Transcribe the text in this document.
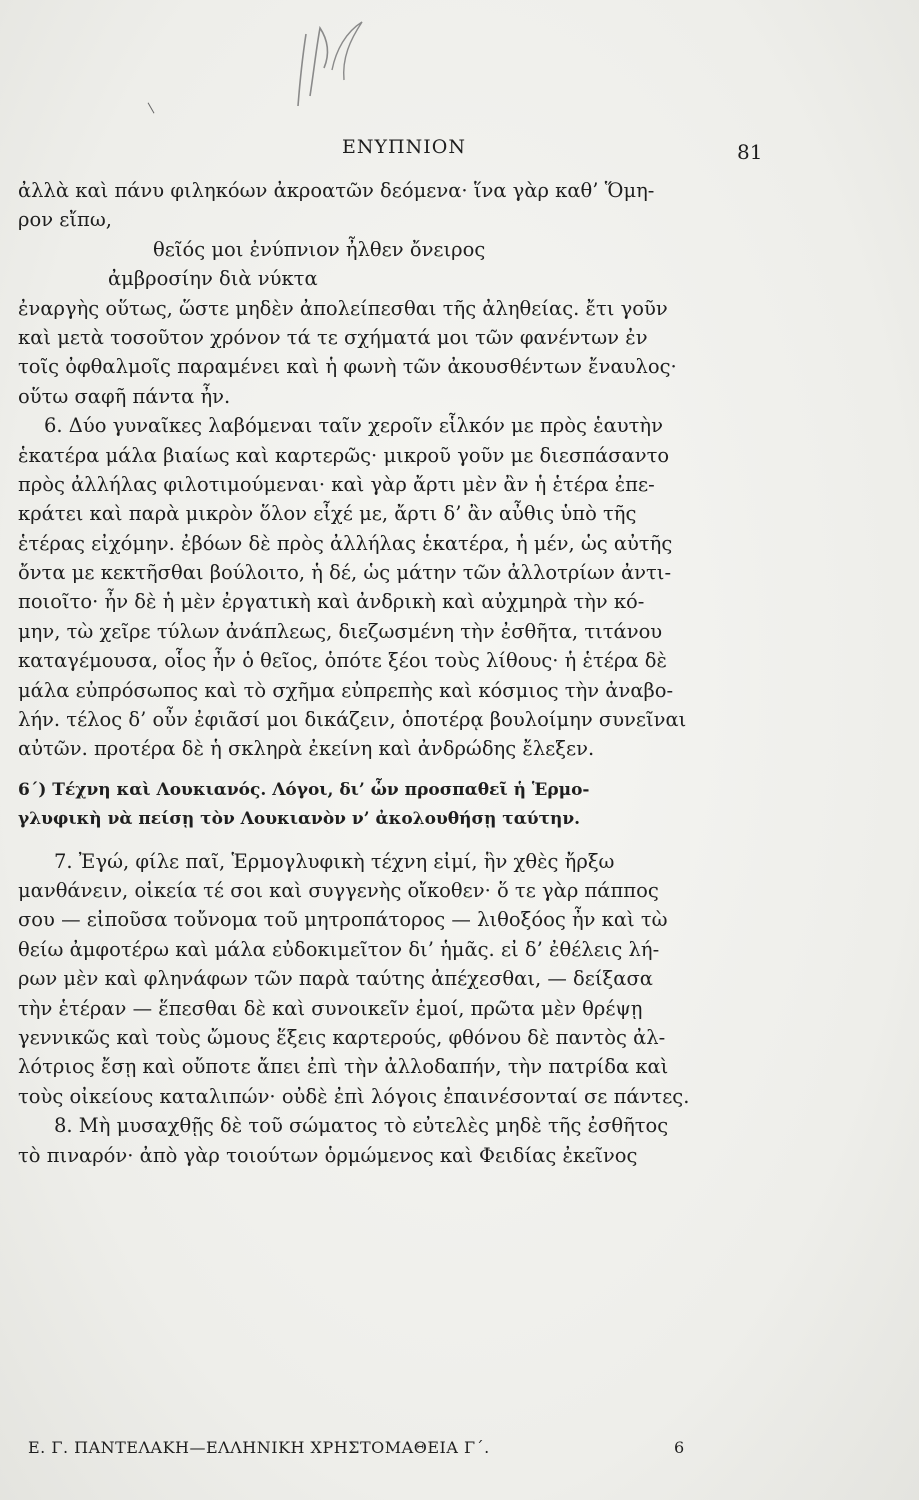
ΕΝΥΠΝΙΟΝ	81
ἀλλὰ καὶ πάνυ φιληκόων ἀκροατῶν δεόμενα· ἵνα γὰρ καθ’ Ὅμη-
ρον εἴπω,
θεῖός μοι ἐνύπνιον ἦλθεν ὄνειρος
ἀμβροσίην διὰ νύκτα
ἐναργὴς οὕτως, ὥστε μηδὲν ἀπολείπεσθαι τῆς ἀληθείας. ἔτι γοῦν
καὶ μετὰ τοσοῦτον χρόνον τά τε σχήματά μοι τῶν φανέντων ἐν
τοῖς ὀφθαλμοῖς παραμένει καὶ ἡ φωνὴ τῶν ἀκουσθέντων ἔναυλος·
οὕτω σαφῆ πάντα ἦν.
6. Δύο γυναῖκες λαβόμεναι ταῖν χεροῖν εἷλκόν με πρὸς ἑαυτὴν
ἑκατέρα μάλα βιαίως καὶ καρτερῶς· μικροῦ γοῦν με διεσπάσαντο
πρὸς ἀλλήλας φιλοτιμούμεναι· καὶ γὰρ ἄρτι μὲν ἂν ἡ ἑτέρα ἐπε-
κράτει καὶ παρὰ μικρὸν ὅλον εἶχέ με, ἄρτι δ’ ἂν αὖθις ὑπὸ τῆς
ἑτέρας εἰχόμην. ἐβόων δὲ πρὸς ἀλλήλας ἑκατέρα, ἡ μέν, ὡς αὐτῆς
ὄντα με κεκτῆσθαι βούλοιτο, ἡ δέ, ὡς μάτην τῶν ἀλλοτρίων ἀντι-
ποιοῖτο· ἦν δὲ ἡ μὲν ἐργατικὴ καὶ ἀνδρικὴ καὶ αὐχμηρὰ τὴν κό-
μην, τὼ χεῖρε τύλων ἀνάπλεως, διεζωσμένη τὴν ἐσθῆτα, τιτάνου
καταγέμουσα, οἷος ἦν ὁ θεῖος, ὁπότε ξέοι τοὺς λίθους· ἡ ἑτέρα δὲ
μάλα εὐπρόσωπος καὶ τὸ σχῆμα εὐπρεπὴς καὶ κόσμιος τὴν ἀναβο-
λήν. τέλος δ’ οὖν ἐφιᾶσί μοι δικάζειν, ὁποτέρᾳ βουλοίμην συνεῖναι
αὐτῶν. προτέρα δὲ ἡ σκληρὰ ἐκείνη καὶ ἀνδρώδης ἔλεξεν.
6΄) Τέχνη καὶ Λουκιανός. Λόγοι, δι’ ὧν προσπαθεῖ ἡ Ἑρμο-
γλυφικὴ νὰ πείσῃ τὸν Λουκιανὸν ν’ ἀκολουθήσῃ ταύτην.
7. Ἐγώ, φίλε παῖ, Ἑρμογλυφικὴ τέχνη εἰμί, ἣν χθὲς ἤρξω
μανθάνειν, οἰκεία τέ σοι καὶ συγγενὴς οἴκοθεν· ὅ τε γὰρ πάππος
σου — εἰποῦσα τοὔνομα τοῦ μητροπάτορος — λιθοξόος ἦν καὶ τὼ
θείω ἀμφοτέρω καὶ μάλα εὐδοκιμεῖτον δι’ ἡμᾶς. εἰ δ’ ἐθέλεις λή-
ρων μὲν καὶ φληνάφων τῶν παρὰ ταύτης ἀπέχεσθαι, — δείξασα
τὴν ἑτέραν — ἕπεσθαι δὲ καὶ συνοικεῖν ἐμοί, πρῶτα μὲν θρέψῃ
γεννικῶς καὶ τοὺς ὤμους ἕξεις καρτερούς, φθόνου δὲ παντὸς ἀλ-
λότριος ἔσῃ καὶ οὔποτε ἄπει ἐπὶ τὴν ἀλλοδαπήν, τὴν πατρίδα καὶ
τοὺς οἰκείους καταλιπών· οὐδὲ ἐπὶ λόγοις ἐπαινέσονταί σε πάντες.
8. Μὴ μυσαχθῇς δὲ τοῦ σώματος τὸ εὐτελὲς μηδὲ τῆς ἐσθῆτος
τὸ πιναρόν· ἀπὸ γὰρ τοιούτων ὁρμώμενος καὶ Φειδίας ἐκεῖνος
Ε. Γ. ΠΑΝΤΕΛΑΚΗ—ΕΛΛΗΝΙΚΗ ΧΡΗΣΤΟΜΑΘΕΙΑ Γ΄.	6
